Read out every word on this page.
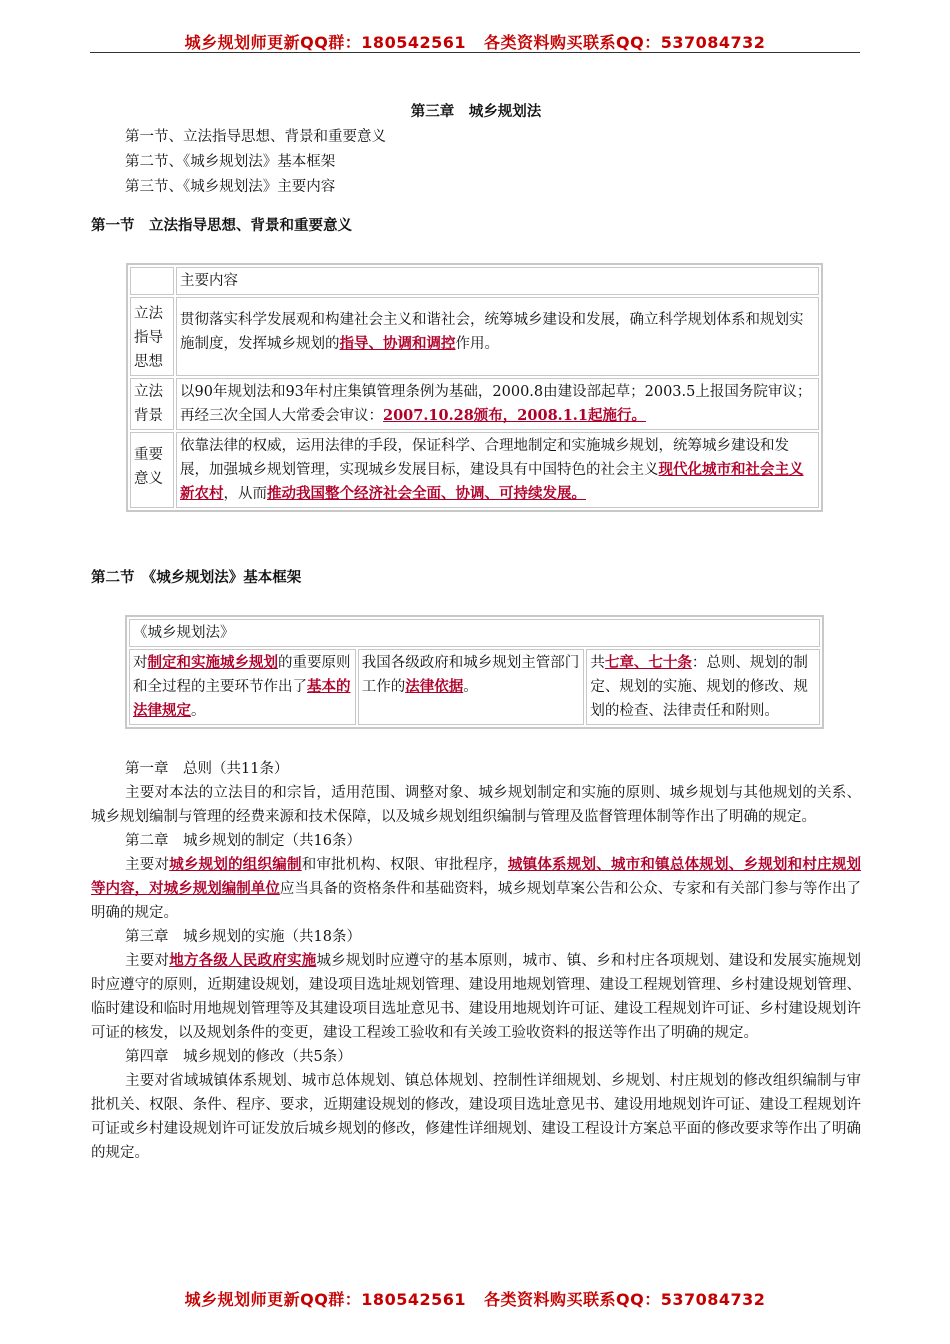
城乡规划师更新QQ群：180542561 各类资料购买联系QQ：537084732
第三章　城乡规划法
第一节、立法指导思想、背景和重要意义
第二节、《城乡规划法》基本框架
第三节、《城乡规划法》主要内容
第一节　立法指导思想、背景和重要意义
	主要内容
立法指导思想	贯彻落实科学发展观和构建社会主义和谐社会，统筹城乡建设和发展，确立科学规划体系和规划实施制度，发挥城乡规划的指导、协调和调控作用。
立法背景	以90年规划法和93年村庄集镇管理条例为基础，2000.8由建设部起草；2003.5上报国务院审议；再经三次全国人大常委会审议：2007.10.28颁布，2008.1.1起施行。
重要意义	依靠法律的权威，运用法律的手段，保证科学、合理地制定和实施城乡规划，统筹城乡建设和发展，加强城乡规划管理，实现城乡发展目标，建设具有中国特色的社会主义现代化城市和社会主义新农村，从而推动我国整个经济社会全面、协调、可持续发展。
第二节　《城乡规划法》基本框架
《城乡规划法》
对制定和实施城乡规划的重要原则和全过程的主要环节作出了基本的法律规定。	我国各级政府和城乡规划主管部门工作的法律依据。	共七章、七十条：总则、规划的制定、规划的实施、规划的修改、规划的检查、法律责任和附则。
第一章　总则（共11条）
主要对本法的立法目的和宗旨，适用范围、调整对象、城乡规划制定和实施的原则、城乡规划与其他规划的关系、城乡规划编制与管理的经费来源和技术保障，以及城乡规划组织编制与管理及监督管理体制等作出了明确的规定。
第二章　城乡规划的制定（共16条）
主要对城乡规划的组织编制和审批机构、权限、审批程序，城镇体系规划、城市和镇总体规划、乡规划和村庄规划等内容，对城乡规划编制单位应当具备的资格条件和基础资料，城乡规划草案公告和公众、专家和有关部门参与等作出了明确的规定。
第三章　城乡规划的实施（共18条）
主要对地方各级人民政府实施城乡规划时应遵守的基本原则，城市、镇、乡和村庄各项规划、建设和发展实施规划时应遵守的原则，近期建设规划，建设项目选址规划管理、建设用地规划管理、建设工程规划管理、乡村建设规划管理、临时建设和临时用地规划管理等及其建设项目选址意见书、建设用地规划许可证、建设工程规划许可证、乡村建设规划许可证的核发，以及规划条件的变更，建设工程竣工验收和有关竣工验收资料的报送等作出了明确的规定。
第四章　城乡规划的修改（共5条）
主要对省域城镇体系规划、城市总体规划、镇总体规划、控制性详细规划、乡规划、村庄规划的修改组织编制与审批机关、权限、条件、程序、要求，近期建设规划的修改，建设项目选址意见书、建设用地规划许可证、建设工程规划许可证或乡村建设规划许可证发放后城乡规划的修改，修建性详细规划、建设工程设计方案总平面的修改要求等作出了明确的规定。
城乡规划师更新QQ群：180542561 各类资料购买联系QQ：537084732
